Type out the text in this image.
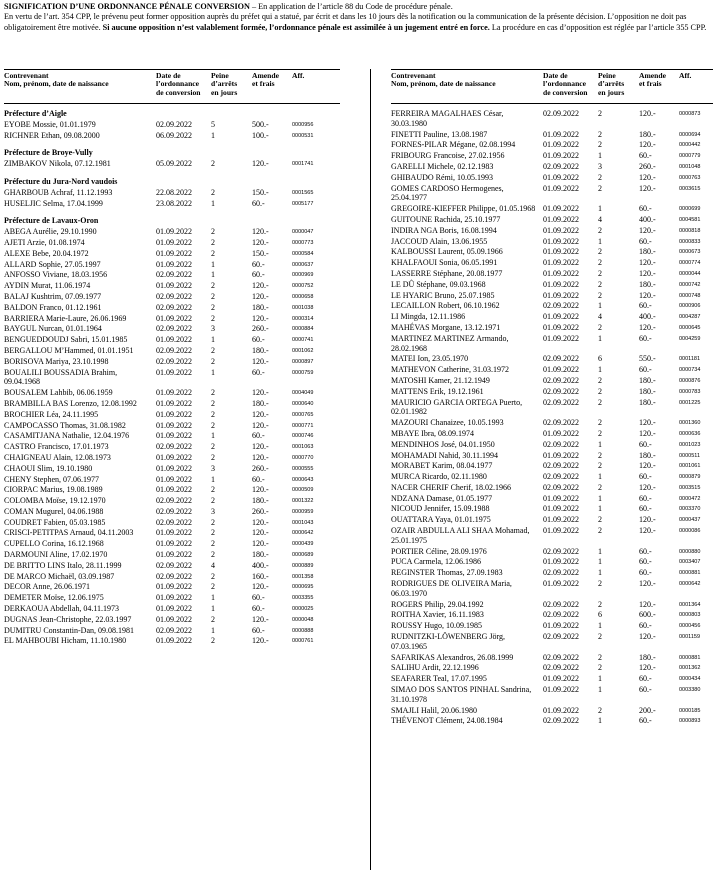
SIGNIFICATION D’UNE ORDONNANCE PÉNALE CONVERSION – En application de l’article 88 du Code de procédure pénale.
En vertu de l’art. 354 CPP, le prévenu peut former opposition auprès du préfet qui a statué, par écrit et dans les 10 jours dès la notification ou la communication de la présente décision. L’opposition ne doit pas obligatoirement être motivée. Si aucune opposition n’est valablement formée, l’ordonnance pénale est assimilée à un jugement entré en force. La procédure en cas d’opposition est réglée par l’article 355 CPP.
Contrevenant
Nom, prénom, date de naissance
Date de
l’ordonnance
de conversion
Peine
d’arrêts
en jours
Amende
et frais
Aff.
Préfecture d’Aigle
EYOBE Mossie, 01.01.1979	02.09.2022 5	500.-	0000956
RICHNER Ethan, 09.08.2000	06.09.2022 1	100.-	0000531
Préfecture de Broye-Vully
ZIMBAKOV Nikola, 07.12.1981	05.09.2022 2	120.-	0001741
Préfecture du Jura-Nord vaudois
GHARBOUB Achraf, 11.12.1993	22.08.2022 2	150.-	0001565
HUSELJIC Selma, 17.04.1999	23.08.2022 1	60.-	0005177
Préfecture de Lavaux-Oron
ABEGA Aurélie, 29.10.1990	01.09.2022 2	120.-	0000047
AJETI Arzie, 01.08.1974	01.09.2022 2	120.-	0000773
ALEXE Bebe, 20.04.1972	01.09.2022 2	150.-	0000584
ALLARD Sophie, 27.05.1997	01.09.2022 1	60.-	0000637
ANFOSSO Viviane, 18.03.1956	02.09.2022 1	60.-	0000969
AYDIN Murat, 11.06.1974	01.09.2022 2	120.-	0000752
BALAJ Kushtrim, 07.09.1977	02.09.2022 2	120.-	0000658
BALDON Franco, 01.12.1961	02.09.2022 2	180.-	0001038
BARRIERA Marie-Laure, 26.06.1969	01.09.2022 2	120.-	0000314
BAYGUL Nurcan, 01.01.1964	02.09.2022 3	260.-	0000884
BENGUEDDOUDJ Sabri, 15.01.1985	01.09.2022 1	60.-	0000741
BERGALLOU M’Hammed, 01.01.1951	02.09.2022 2	180.-	0001062
BORISOVA Mariya, 23.10.1998	02.09.2022 2	120.-	0000897
BOUALILI BOUSSADIA Brahim, 09.04.1968
01.09.2022 1	60.-	0000759
BOUSALEM Lahbib, 06.06.1959	01.09.2022 2	120.-	0004049
BRAMBILLA BAS Lorenzo, 12.08.1992	01.09.2022 2	180.-	0000640
BROCHIER Léa, 24.11.1995	01.09.2022 2	120.-	0000765
CAMPOCASSO Thomas, 31.08.1982	01.09.2022 2	120.-	0000771
CASAMITJANA Nathalie, 12.04.1976	01.09.2022 1	60.-	0000746
CASTRO Francisco, 17.01.1973	02.09.2022 2	120.-	0001063
CHAIGNEAU Alain, 12.08.1973	01.09.2022 2	120.-	0000770
CHAOUI Slim, 19.10.1980	01.09.2022 3	260.-	0000555
CHENY Stephen, 07.06.1977	01.09.2022 1	60.-	0000643
CIORPAC Marius, 19.08.1989	01.09.2022 2	120.-	0000509
COLOMBA Moïse, 19.12.1970	02.09.2022 2	180.-	0001322
COMAN Mugurel, 04.06.1988	02.09.2022 3	260.-	0000959
COUDRET Fabien, 05.03.1985	02.09.2022 2	120.-	0001043
CRISCI-PETITPAS Arnaud, 04.11.2003	01.09.2022 2	120.-	0000642
CUPELLO Corina, 16.12.1968	01.09.2022 2	120.-	0000439
DARMOUNI Aline, 17.02.1970	01.09.2022 2	180.-	0000689
DE BRITTO LINS Italo, 28.11.1999	02.09.2022 4	400.-	0000889
DE MARCO Michaël, 03.09.1987	02.09.2022 2	160.-	0001358
DECOR Anne, 26.06.1971	01.09.2022 2	120.-	0000695
DEMETER Moïse, 12.06.1975	01.09.2022 1	60.-	0003355
DERKAOUA Abdellah, 04.11.1973	01.09.2022 1	60.-	0000025
DUGNAS Jean-Christophe, 22.03.1997	01.09.2022 2	120.-	0000048
DUMITRU Constantin-Dan, 09.08.1981	02.09.2022 1	60.-	0000888
EL MAHBOUBI Hicham, 11.10.1980	01.09.2022 2	120.-	0000761
Contrevenant
Nom, prénom, date de naissance
Date de
l’ordonnance
de conversion
Peine
d’arrêts
en jours
Amende
et frais
Aff.
FERREIRA MAGALHAES César, 30.03.1980
02.09.2022 2	120.-	0000873
FINETTI Pauline, 13.08.1987	01.09.2022 2	180.-	0000694
FORNES-PILAR Mégane, 02.08.1994	01.09.2022 2	120.-	0000442
FRIBOURG Francoise, 27.02.1956	01.09.2022 1	60.-	0000779
GARELLI Michele, 02.12.1983	02.09.2022 3	260.-	0001048
GHIBAUDO Rémi, 10.05.1993	01.09.2022 2	120.-	0000763
GOMES CARDOSO Hermogenes, 25.04.1977
01.09.2022 2	120.-	0003615
GREGOIRE-KIEFFER Philippe, 01.05.1968 01.09.2022 1	60.-	0000699
GUITOUNE Rachida, 25.10.1977	01.09.2022 4	400.-	0004581
INDIRA NGA Boris, 16.08.1994	01.09.2022 2	120.-	0000818
JACCOUD Alain, 13.06.1955	01.09.2022 1	60.-	0000833
KALBOUSSI Laurent, 05.09.1966	01.09.2022 2	180.-	0000673
KHALFAOUI Sonia, 06.05.1991	01.09.2022 2	120.-	0000774
LASSERRE Stéphane, 20.08.1977	01.09.2022 2	120.-	0000044
LE DÛ Stéphane, 09.03.1968	01.09.2022 2	180.-	0000742
LE HYARIC Bruno, 25.07.1985	01.09.2022 2	120.-	0000748
LECAILLON Robert, 06.10.1962	02.09.2022 1	60.-	0000906
LI Mingda, 12.11.1986	01.09.2022 4	400.-	0004287
MAHÉVAS Morgane, 13.12.1971	01.09.2022 2	120.-	0000645
MARTINEZ MARTINEZ Armando, 28.02.1968
01.09.2022 1	60.-	0004259
MATEI Ion, 23.05.1970	02.09.2022 6	550.-	0001181
MATHEVON Catherine, 31.03.1972	01.09.2022 1	60.-	0000734
MATOSHI Kamer, 21.12.1949	02.09.2022 2	180.-	0000876
MATTENS Erik, 19.12.1961	02.09.2022 2	180.-	0000783
MAURICIO GARCIA ORTEGA Puerto, 02.01.1982
02.09.2022 2	180.-	0001225
MAZOURI Chanaizee, 10.05.1993	02.09.2022 2	120.-	0001360
MBAYE Ibra, 08.09.1974	01.09.2022 2	120.-	0000636
MENDINHOS José, 04.01.1950	02.09.2022 1	60.-	0001023
MOHAMADI Nahid, 30.11.1994	01.09.2022 2	180.-	0000511
MORABET Karim, 08.04.1977	02.09.2022 2	120.-	0001061
MURCA Ricardo, 02.11.1980	02.09.2022 1	60.-	0000879
NACER CHERIF Cherif, 18.02.1966	02.09.2022 2	120.-	0003515
NDZANA Damase, 01.05.1977	01.09.2022 1	60.-	0000472
NICOUD Jennifer, 15.09.1988	01.09.2022 1	60.-	0003370
OUATTARA Yaya, 01.01.1975	01.09.2022 2	120.-	0000437
OZAIR ABDULLA ALI SHAA Mohamad, 25.01.1975
01.09.2022 2	120.-	0000086
PORTIER Céline, 28.09.1976	02.09.2022 1	60.-	0000880
PUCA Carmela, 12.06.1986	01.09.2022 1	60.-	0003407
REGINSTER Thomas, 27.09.1983	02.09.2022 1	60.-	0000881
RODRIGUES DE OLIVEIRA Maria, 06.03.1970
01.09.2022 2	120.-	0000642
ROGERS Philip, 29.04.1992	02.09.2022 2	120.-	0001364
ROITHA Xavier, 16.11.1983	02.09.2022 6	600.-	0000803
ROUSSY Hugo, 10.09.1985	01.09.2022 1	60.-	0000456
RUDNITZKI-LÖWENBERG Jörg, 07.03.1965
02.09.2022 2	120.-	0001159
SAFARIKAS Alexandros, 26.08.1999	02.09.2022 2	180.-	0000881
SALIHU Ardit, 22.12.1996	02.09.2022 2	120.-	0001362
SEAFARER Teal, 17.07.1995	01.09.2022 1	60.-	0000434
SIMAO DOS SANTOS PINHAL Sandrina, 31.10.1978
01.09.2022 1	60.-	0003380
SMAJLI Halil, 20.06.1980	01.09.2022 2	200.-	0000185
THÉVENOT Clément, 24.08.1984	02.09.2022 1	60.-	0000893
